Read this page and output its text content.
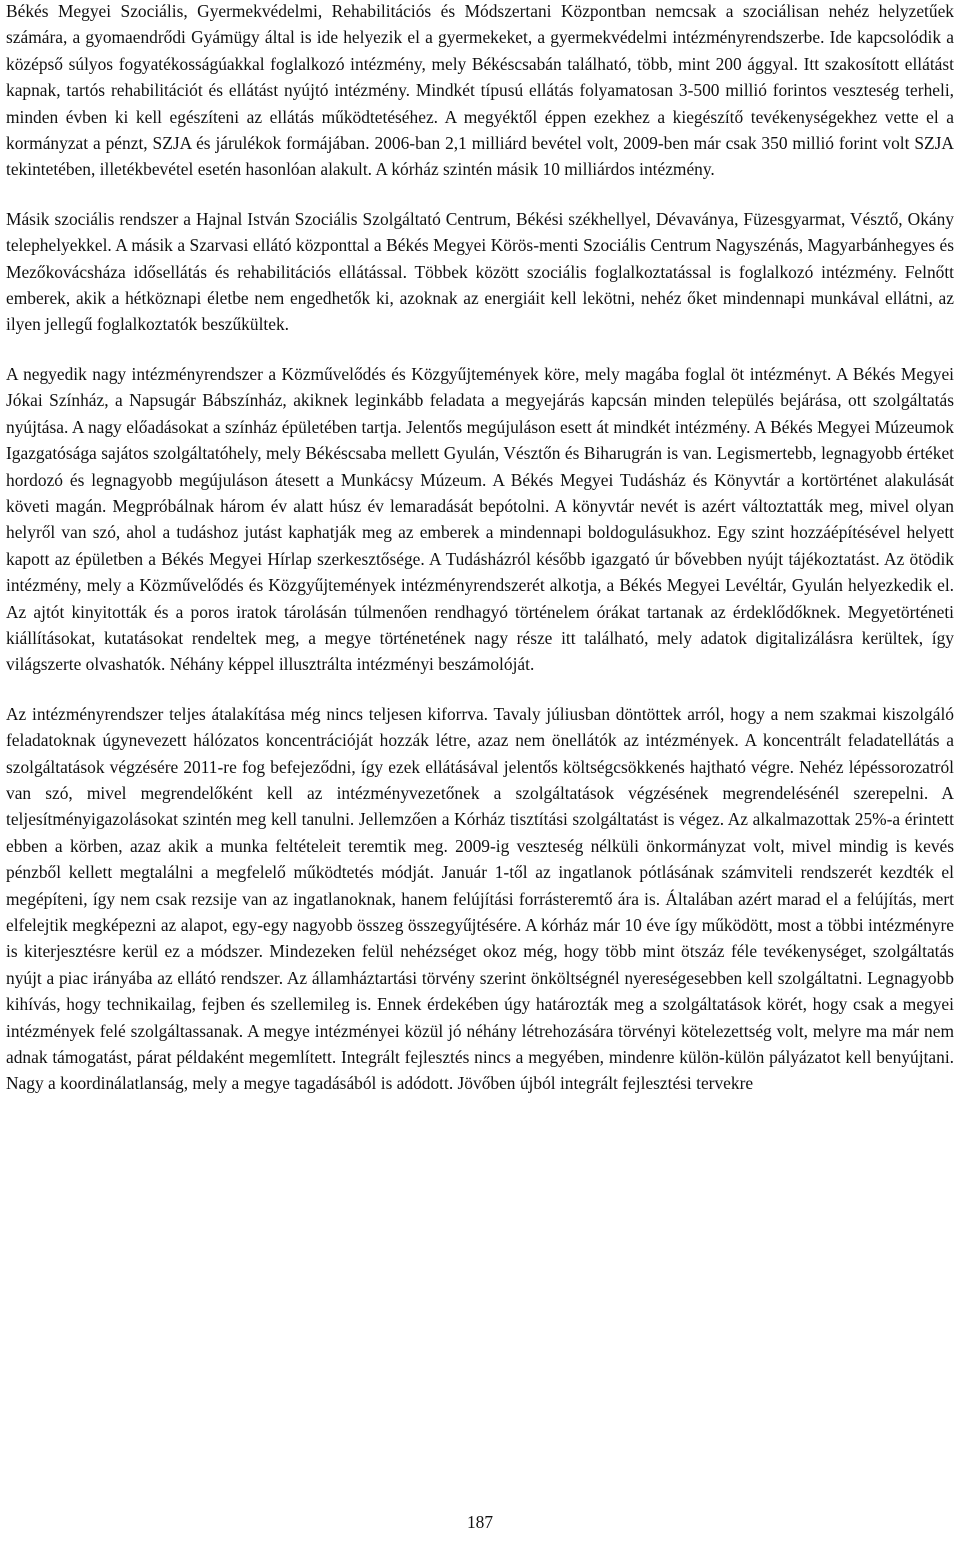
Békés Megyei Szociális, Gyermekvédelmi, Rehabilitációs és Módszertani Központban nemcsak a szociálisan nehéz helyzetűek számára, a gyomaendrődi Gyámügy által is ide helyezik el a gyermekeket, a gyermekvédelmi intézményrendszerbe. Ide kapcsolódik a középső súlyos fogyatékosságúakkal foglalkozó intézmény, mely Békéscsabán található, több, mint 200 ággyal. Itt szakosított ellátást kapnak, tartós rehabilitációt és ellátást nyújtó intézmény. Mindkét típusú ellátás folyamatosan 3-500 millió forintos veszteség terheli, minden évben ki kell egészíteni az ellátás működtetéséhez. A megyéktől éppen ezekhez a kiegészítő tevékenységekhez vette el a kormányzat a pénzt, SZJA és járulékok formájában. 2006-ban 2,1 milliárd bevétel volt, 2009-ben már csak 350 millió forint volt SZJA tekintetében, illetékbevétel esetén hasonlóan alakult. A kórház szintén másik 10 milliárdos intézmény.

Másik szociális rendszer a Hajnal István Szociális Szolgáltató Centrum, Békési székhellyel, Dévaványa, Füzesgyarmat, Vésztő, Okány telephelyekkel. A másik a Szarvasi ellátó központtal a Békés Megyei Körös-menti Szociális Centrum Nagyszénás, Magyarbánhegyes és Mezőkovácsháza idősellátás és rehabilitációs ellátással. Többek között szociális foglalkoztatással is foglalkozó intézmény. Felnőtt emberek, akik a hétköznapi életbe nem engedhetők ki, azoknak az energiáit kell lekötni, nehéz őket mindennapi munkával ellátni, az ilyen jellegű foglalkoztatók beszűkültek.

A negyedik nagy intézményrendszer a Közművelődés és Közgyűjtemények köre, mely magába foglal öt intézményt. A Békés Megyei Jókai Színház, a Napsugár Bábszínház, akiknek leginkább feladata a megyejárás kapcsán minden település bejárása, ott szolgáltatás nyújtása. A nagy előadásokat a színház épületében tartja. Jelentős megújuláson esett át mindkét intézmény. A Békés Megyei Múzeumok Igazgatósága sajátos szolgáltatóhely, mely Békéscsaba mellett Gyulán, Vésztőn és Biharugrán is van. Legismertebb, legnagyobb értéket hordozó és legnagyobb megújuláson átesett a Munkácsy Múzeum. A Békés Megyei Tudásház és Könyvtár a kortörténet alakulását követi magán. Megpróbálnak három év alatt húsz év lemaradását bepótolni. A könyvtár nevét is azért változtatták meg, mivel olyan helyről van szó, ahol a tudáshoz jutást kaphatják meg az emberek a mindennapi boldogulásukhoz. Egy szint hozzáépítésével helyett kapott az épületben a Békés Megyei Hírlap szerkesztősége. A Tudásházról később igazgató úr bővebben nyújt tájékoztatást. Az ötödik intézmény, mely a Közművelődés és Közgyűjtemények intézményrendszerét alkotja, a Békés Megyei Levéltár, Gyulán helyezkedik el. Az ajtót kinyitották és a poros iratok tárolásán túlmenően rendhagyó történelem órákat tartanak az érdeklődőknek. Megyetörténeti kiállításokat, kutatásokat rendeltek meg, a megye történetének nagy része itt található, mely adatok digitalizálásra kerültek, így világszerte olvashatók. Néhány képpel illusztrálta intézményi beszámolóját.

Az intézményrendszer teljes átalakítása még nincs teljesen kiforrva. Tavaly júliusban döntöttek arról, hogy a nem szakmai kiszolgáló feladatoknak úgynevezett hálózatos koncentrációját hozzák létre, azaz nem önellátók az intézmények. A koncentrált feladatellátás a szolgáltatások végzésére 2011-re fog befejeződni, így ezek ellátásával jelentős költségcsökkenés hajtható végre. Nehéz lépéssorozatról van szó, mivel megrendelőként kell az intézményvezetőnek a szolgáltatások végzésének megrendelésénél szerepelni. A teljesítményigazolásokat szintén meg kell tanulni. Jellemzően a Kórház tisztítási szolgáltatást is végez. Az alkalmazottak 25%-a érintett ebben a körben, azaz akik a munka feltételeit teremtik meg. 2009-ig veszteség nélküli önkormányzat volt, mivel mindig is kevés pénzből kellett megtalálni a megfelelő működtetés módját. Január 1-től az ingatlanok pótlásának számviteli rendszerét kezdték el megépíteni, így nem csak rezsije van az ingatlanoknak, hanem felújítási forrásteremtő ára is. Általában azért marad el a felújítás, mert elfelejtik megképezni az alapot, egy-egy nagyobb összeg összegyűjtésére. A kórház már 10 éve így működött, most a többi intézményre is kiterjesztésre kerül ez a módszer. Mindezeken felül nehézséget okoz még, hogy több mint ötszáz féle tevékenységet, szolgáltatás nyújt a piac irányába az ellátó rendszer. Az államháztartási törvény szerint önköltségnél nyereségesebben kell szolgáltatni. Legnagyobb kihívás, hogy technikailag, fejben és szellemileg is. Ennek érdekében úgy határozták meg a szolgáltatások körét, hogy csak a megyei intézmények felé szolgáltassanak. A megye intézményei közül jó néhány létrehozására törvényi kötelezettség volt, melyre ma már nem adnak támogatást, párat példaként megemlített. Integrált fejlesztés nincs a megyében, mindenre külön-külön pályázatot kell benyújtani. Nagy a koordinálatlanság, mely a megye tagadásából is adódott. Jövőben újból integrált fejlesztési tervekre

187
